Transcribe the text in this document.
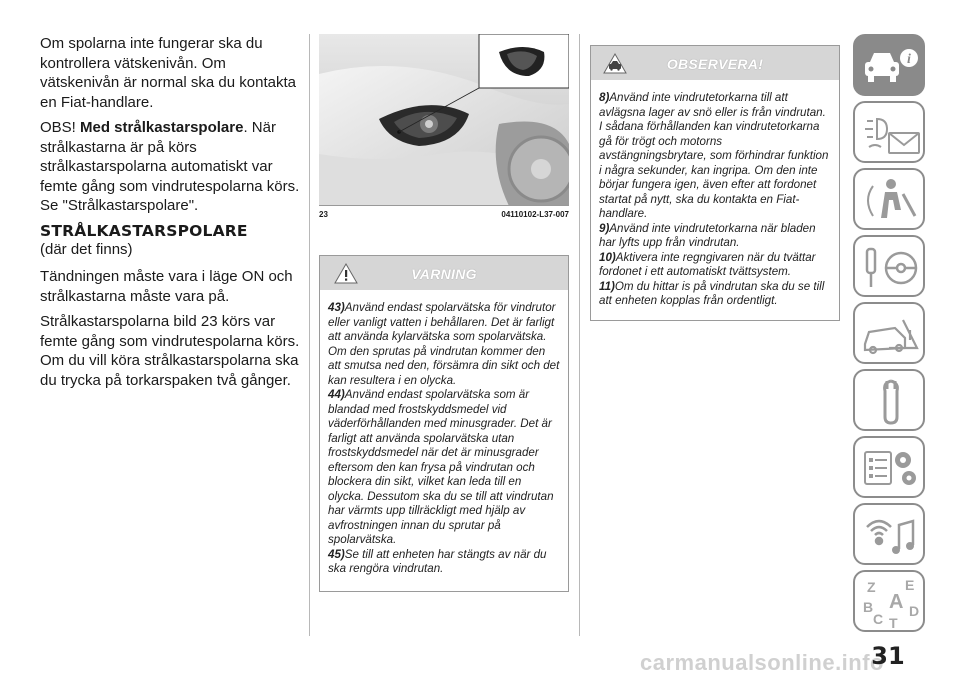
Om spolarna inte fungerar ska du kontrollera vätskenivån. Om vätskenivån är normal ska du kontakta en Fiat-handlare.

OBS! Med strålkastarspolare. När strålkastarna är på körs strålkastarspolarna automatiskt var femte gång som vindrutespolarna körs. Se "Strålkastarspolare".

STRÅLKASTARSPOLARE

(där det finns)

Tändningen måste vara i läge ON och strålkastarna måste vara på.

Strålkastarspolarna bild 23 körs var femte gång som vindrutespolarna körs. Om du vill köra strålkastarspolarna ska du trycka på torkarspaken två gånger.

23	04110102-L37-007
VARNING
43)Använd endast spolarvätska för vindrutor eller vanligt vatten i behållaren. Det är farligt att använda kylarvätska som spolarvätska. Om den sprutas på vindrutan kommer den att smutsa ned den, försämra din sikt och det kan resultera i en olycka.
44)Använd endast spolarvätska som är blandad med frostskyddsmedel vid väderförhållanden med minusgrader. Det är farligt att använda spolarvätska utan frostskyddsmedel när det är minusgrader eftersom den kan frysa på vindrutan och blockera din sikt, vilket kan leda till en olycka. Dessutom ska du se till att vindrutan har värmts upp tillräckligt med hjälp av avfrostningen innan du sprutar på spolarvätska.
45)Se till att enheten har stängts av när du ska rengöra vindrutan.
OBSERVERA!
8)Använd inte vindrutetorkarna till att avlägsna lager av snö eller is från vindrutan. I sådana förhållanden kan vindrutetorkarna gå för trögt och motorns avstängningsbrytare, som förhindrar funktion i några sekunder, kan ingripa. Om den inte börjar fungera igen, även efter att fordonet startat på nytt, ska du kontakta en Fiat-handlare.
9)Använd inte vindrutetorkarna när bladen har lyfts upp från vindrutan.
10)Aktivera inte regngivaren när du tvättar fordonet i ett automatiskt tvättsystem.
11)Om du hittar is på vindrutan ska du se till att enheten kopplas från ordentligt.
i
Z E
B A
C D
T
carmanualsonline.info
31
